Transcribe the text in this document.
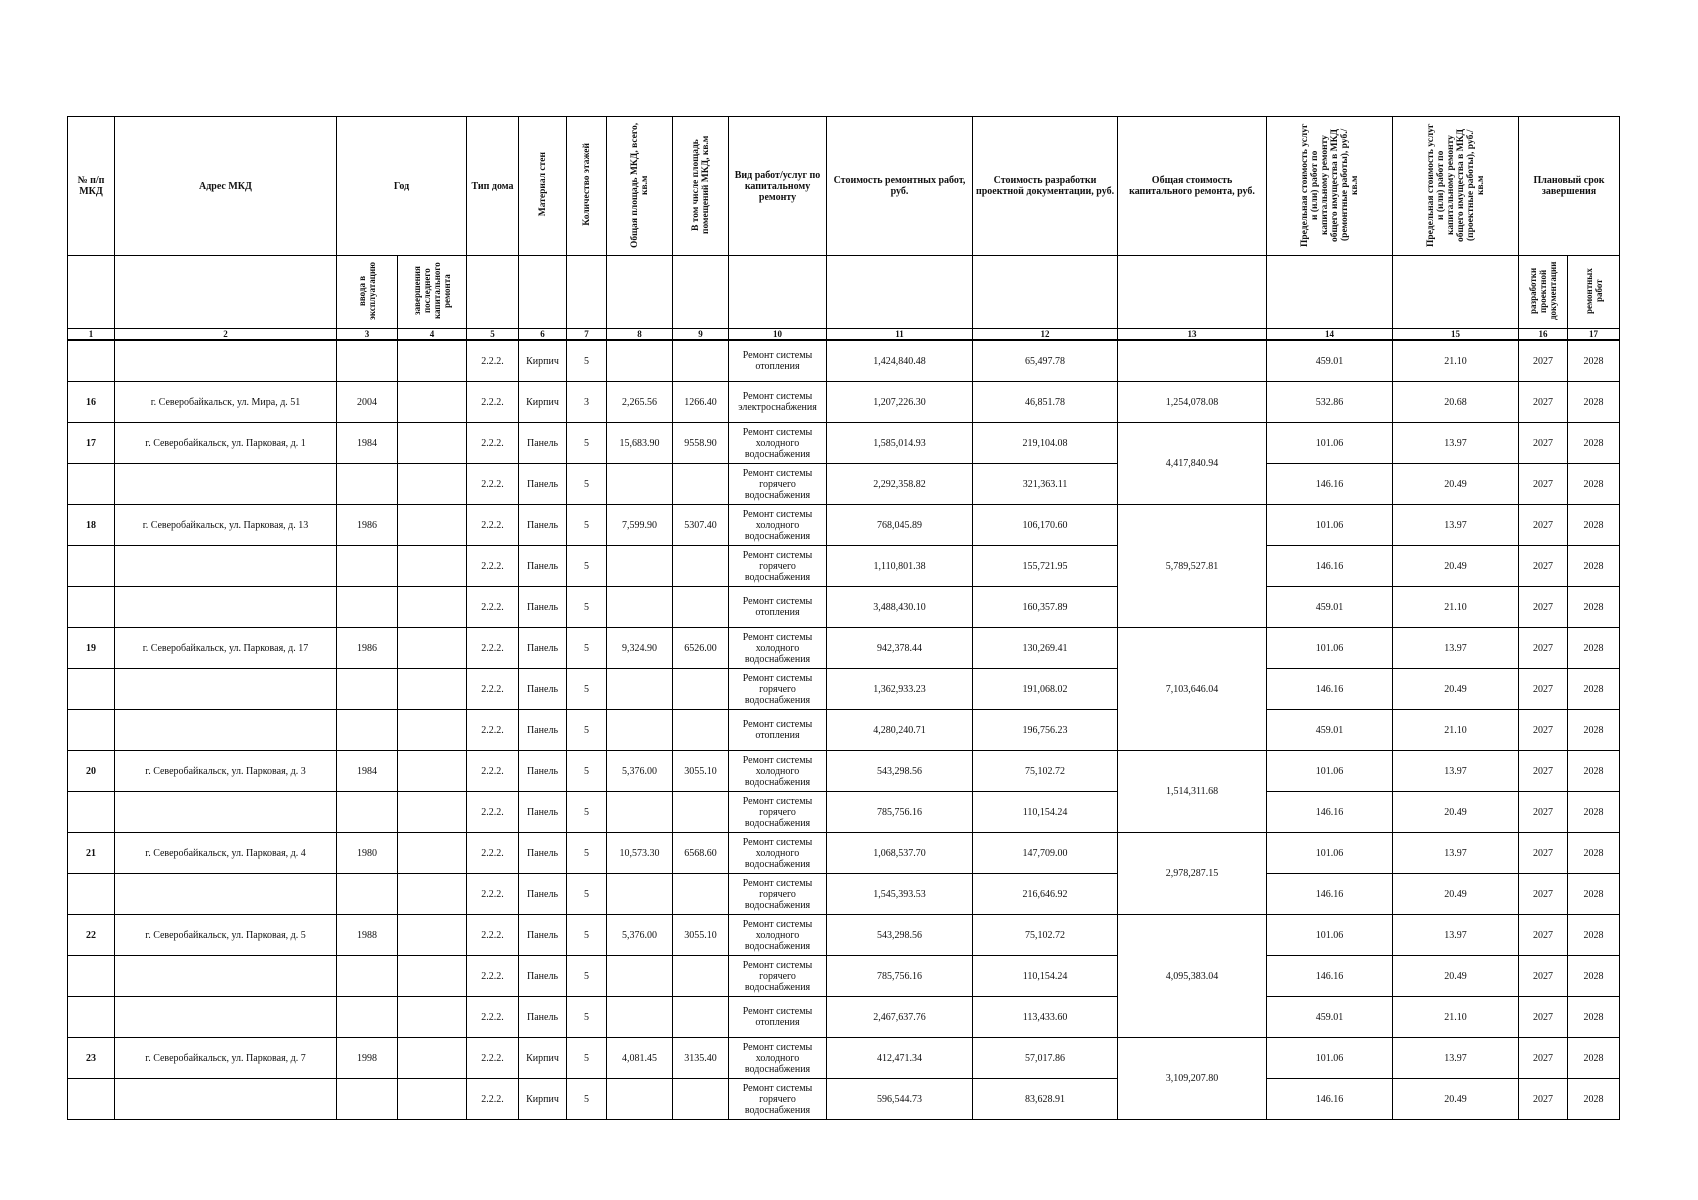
№ п/п МКД	Адрес МКД	Год		Тип дома	Материал стен	Количество этажей	Общая площадь МКД, всего, кв.м	В том числе площадь помещений МКД, кв.м	Вид работ/услуг по капитальному ремонту	Стоимость ремонтных работ, руб.	Стоимость разработки проектной документации, руб.	Общая стоимость капитального ремонта, руб.	Предельная стоимость услуг и (или) работ по капитальному ремонту общего имущества в МКД (ремонтные работы), руб./кв.м	Предельная стоимость услуг и (или) работ по капитальному ремонту общего имущества в МКД (проектные работы), руб./кв.м	Плановый срок завершения	
		ввода в эксплуатацию	завершения последнего капитального ремонта												разработки проектной документации	ремонтных работ
1	2	3	4	5	6	7	8	9	10	11	12	13	14	15	16	17
				2.2.2.	Кирпич	5			Ремонт системы отопления	1,424,840.48	65,497.78		459.01	21.10	2027	2028
16	г. Северобайкальск, ул. Мира, д. 51	2004		2.2.2.	Кирпич	3	2,265.56	1266.40	Ремонт системы электроснабжения	1,207,226.30	46,851.78	1,254,078.08	532.86	20.68	2027	2028
17	г. Северобайкальск, ул. Парковая, д. 1	1984		2.2.2.	Панель	5	15,683.90	9558.90	Ремонт системы холодного водоснабжения	1,585,014.93	219,104.08	4,417,840.94	101.06	13.97	2027	2028
				2.2.2.	Панель	5			Ремонт системы горячего водоснабжения	2,292,358.82	321,363.11		146.16	20.49	2027	2028
18	г. Северобайкальск, ул. Парковая, д. 13	1986		2.2.2.	Панель	5	7,599.90	5307.40	Ремонт системы холодного водоснабжения	768,045.89	106,170.60	5,789,527.81	101.06	13.97	2027	2028
				2.2.2.	Панель	5			Ремонт системы горячего водоснабжения	1,110,801.38	155,721.95		146.16	20.49	2027	2028
				2.2.2.	Панель	5			Ремонт системы отопления	3,488,430.10	160,357.89		459.01	21.10	2027	2028
19	г. Северобайкальск, ул. Парковая, д. 17	1986		2.2.2.	Панель	5	9,324.90	6526.00	Ремонт системы холодного водоснабжения	942,378.44	130,269.41	7,103,646.04	101.06	13.97	2027	2028
				2.2.2.	Панель	5			Ремонт системы горячего водоснабжения	1,362,933.23	191,068.02		146.16	20.49	2027	2028
				2.2.2.	Панель	5			Ремонт системы отопления	4,280,240.71	196,756.23		459.01	21.10	2027	2028
20	г. Северобайкальск, ул. Парковая, д. 3	1984		2.2.2.	Панель	5	5,376.00	3055.10	Ремонт системы холодного водоснабжения	543,298.56	75,102.72	1,514,311.68	101.06	13.97	2027	2028
				2.2.2.	Панель	5			Ремонт системы горячего водоснабжения	785,756.16	110,154.24		146.16	20.49	2027	2028
21	г. Северобайкальск, ул. Парковая, д. 4	1980		2.2.2.	Панель	5	10,573.30	6568.60	Ремонт системы холодного водоснабжения	1,068,537.70	147,709.00	2,978,287.15	101.06	13.97	2027	2028
				2.2.2.	Панель	5			Ремонт системы горячего водоснабжения	1,545,393.53	216,646.92		146.16	20.49	2027	2028
22	г. Северобайкальск, ул. Парковая, д. 5	1988		2.2.2.	Панель	5	5,376.00	3055.10	Ремонт системы холодного водоснабжения	543,298.56	75,102.72	4,095,383.04	101.06	13.97	2027	2028
				2.2.2.	Панель	5			Ремонт системы горячего водоснабжения	785,756.16	110,154.24		146.16	20.49	2027	2028
				2.2.2.	Панель	5			Ремонт системы отопления	2,467,637.76	113,433.60		459.01	21.10	2027	2028
23	г. Северобайкальск, ул. Парковая, д. 7	1998		2.2.2.	Кирпич	5	4,081.45	3135.40	Ремонт системы холодного водоснабжения	412,471.34	57,017.86	3,109,207.80	101.06	13.97	2027	2028
				2.2.2.	Кирпич	5			Ремонт системы горячего водоснабжения	596,544.73	83,628.91		146.16	20.49	2027	2028
